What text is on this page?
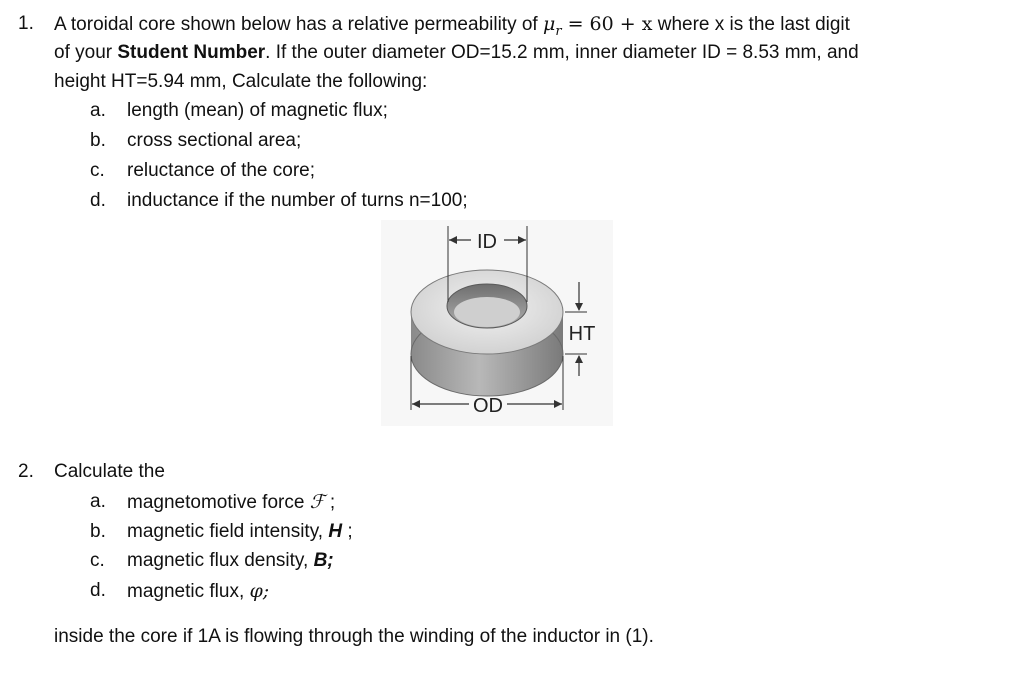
1. A toroidal core shown below has a relative permeability of $\mu_r = 60 + x$ where x is the last digit
of your Student Number. If the outer diameter OD=15.2 mm, inner diameter ID = 8.53 mm, and
height HT=5.94 mm, Calculate the following:
a. length (mean) of magnetic flux;
b. cross sectional area;
c. reluctance of the core;
d. inductance if the number of turns n=100;
ID
HT
OD
2. Calculate the
a. magnetomotive force ℱ ;
b. magnetic field intensity, H ;
c. magnetic flux density, B;
d. magnetic flux, φ;
inside the core if 1A is flowing through the winding of the inductor in (1).
